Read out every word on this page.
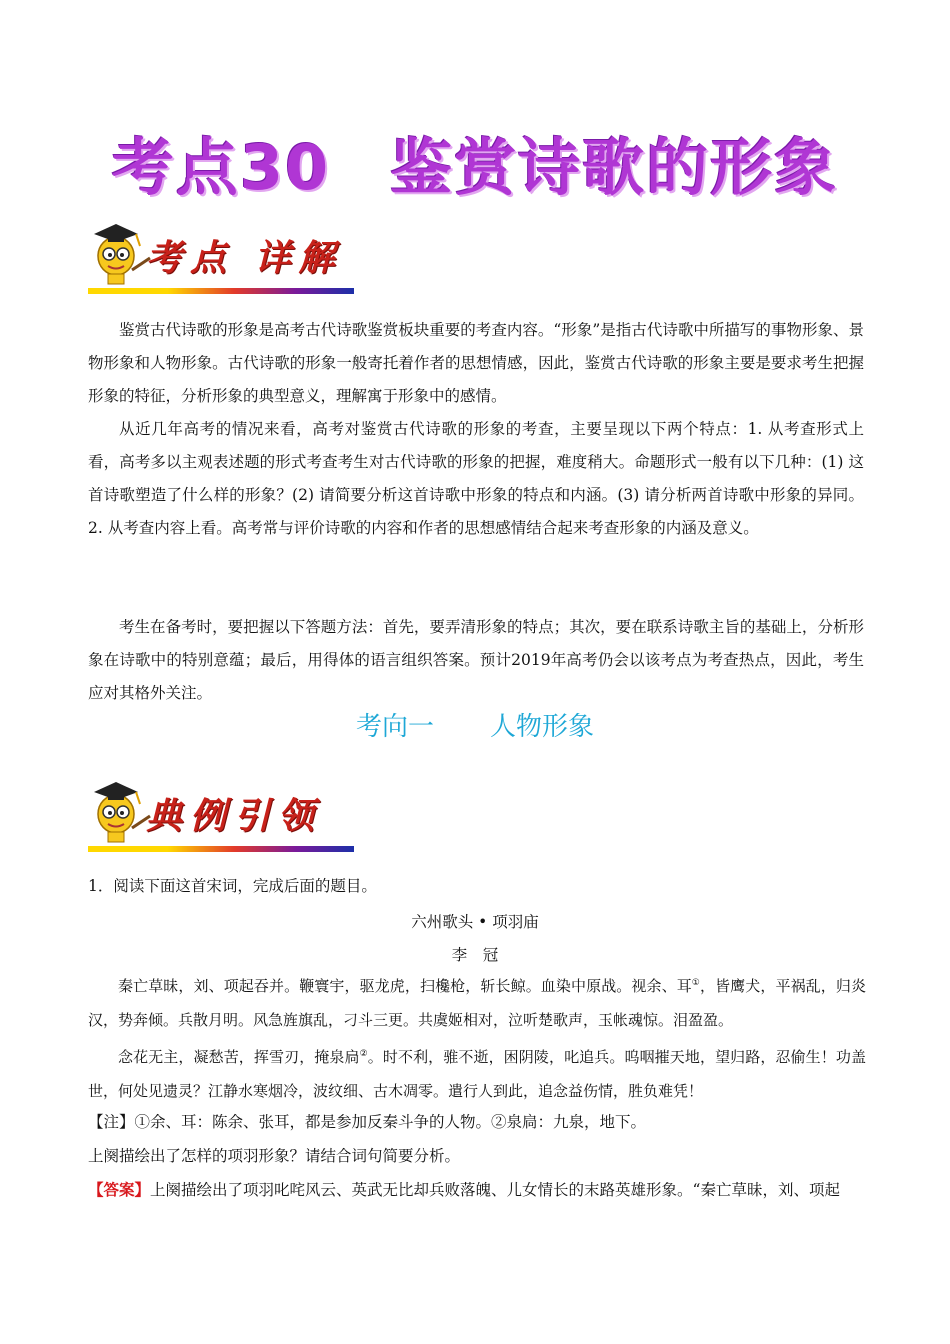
考点30 鉴赏诗歌的形象
考点 详解

鉴赏古代诗歌的形象是高考古代诗歌鉴赏板块重要的考查内容。“形象”是指古代诗歌中所描写的事物形象、景物形象和人物形象。古代诗歌的形象一般寄托着作者的思想情感，因此，鉴赏古代诗歌的形象主要是要求考生把握形象的特征，分析形象的典型意义，理解寓于形象中的感情。

从近几年高考的情况来看，高考对鉴赏古代诗歌的形象的考查，主要呈现以下两个特点：1. 从考查形式上看，高考多以主观表述题的形式考查考生对古代诗歌的形象的把握，难度稍大。命题形式一般有以下几种：(1) 这首诗歌塑造了什么样的形象？(2) 请简要分析这首诗歌中形象的特点和内涵。(3) 请分析两首诗歌中形象的异同。2. 从考查内容上看。高考常与评价诗歌的内容和作者的思想感情结合起来考查形象的内涵及意义。

考生在备考时，要把握以下答题方法：首先，要弄清形象的特点；其次，要在联系诗歌主旨的基础上，分析形象在诗歌中的特别意蕴；最后，用得体的语言组织答案。预计2019年高考仍会以该考点为考查热点，因此，考生应对其格外关注。

考向一 人物形象
典例引领

1．阅读下面这首宋词，完成后面的题目。

六州歌头 • 项羽庙

李　冠

秦亡草昧，刘、项起吞并。鞭寰宇，驱龙虎，扫欃枪，斩长鲸。血染中原战。视余、耳①，皆鹰犬，平祸乱，归炎汉，势奔倾。兵散月明。风急旌旗乱，刁斗三更。共虞姬相对，泣听楚歌声，玉帐魂惊。泪盈盈。

念花无主，凝愁苦，挥雪刃，掩泉扃②。时不利，骓不逝，困阴陵，叱追兵。呜咽摧天地，望归路，忍偷生！功盖世，何处见遗灵？江静水寒烟冷，波纹细、古木凋零。遣行人到此，追念益伤情，胜负难凭！

【注】①余、耳：陈余、张耳，都是参加反秦斗争的人物。②泉扃：九泉，地下。

上阕描绘出了怎样的项羽形象？请结合词句简要分析。

【答案】上阕描绘出了项羽叱咤风云、英武无比却兵败落魄、儿女情长的末路英雄形象。“秦亡草昧，刘、项起
